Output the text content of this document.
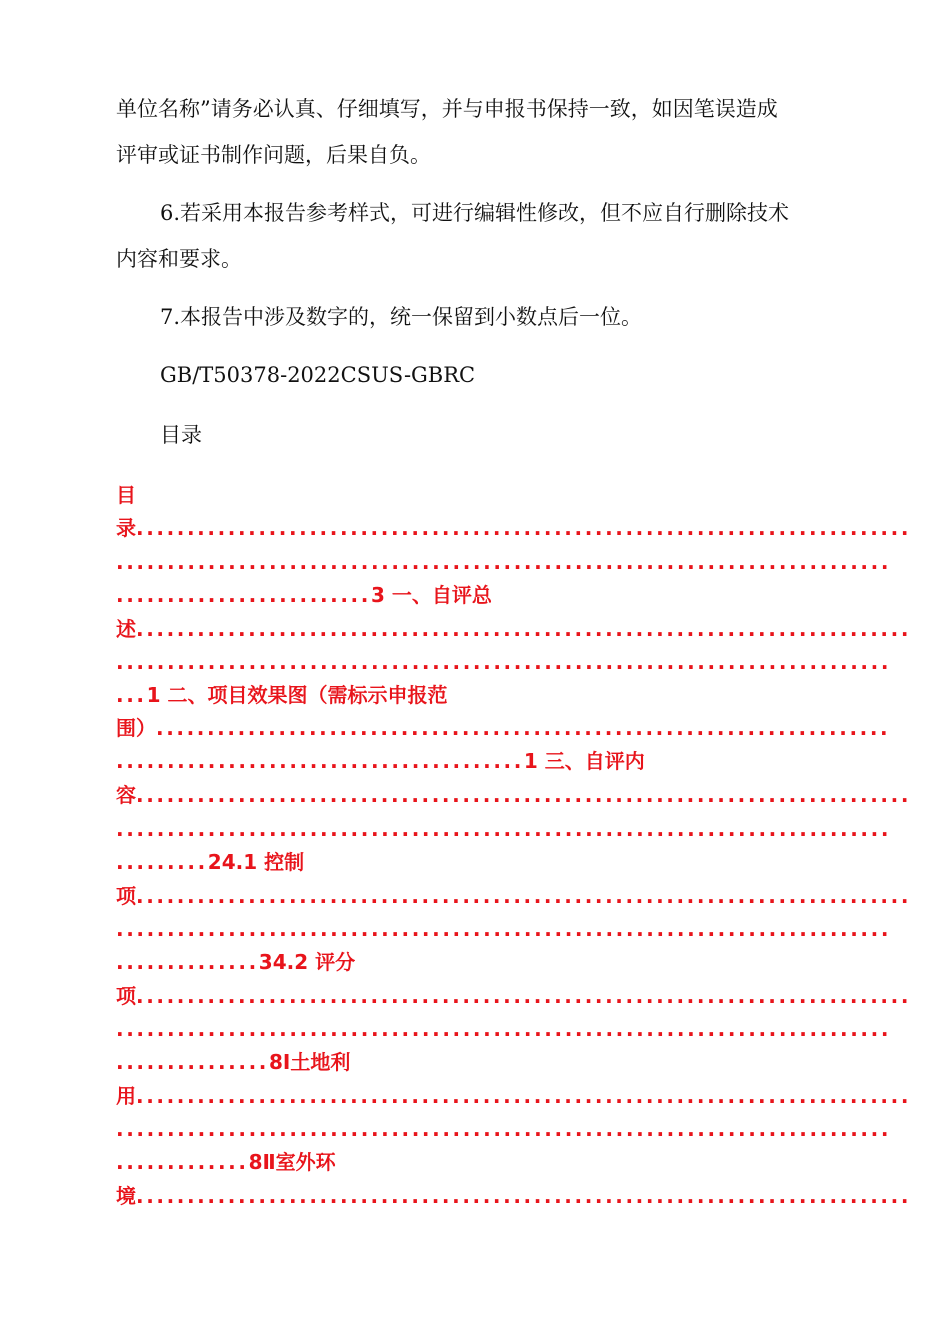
单位名称”请务必认真、仔细填写，并与申报书保持一致，如因笔误造成
评审或证书制作问题，后果自负。
6.若采用本报告参考样式，可进行编辑性修改，但不应自行删除技术
内容和要求。
7.本报告中涉及数字的，统一保留到小数点后一位。
GB/T50378-2022CSUS-GBRC
目录
目
录............................................................................
............................................................................
.........................3 一、自评总
述............................................................................
............................................................................
...1 二、项目效果图（需标示申报范
围）........................................................................
........................................1 三、自评内
容............................................................................
............................................................................
.........24.1 控制
项............................................................................
............................................................................
..............34.2 评分
项............................................................................
............................................................................
...............8Ⅰ土地利
用............................................................................
............................................................................
.............8Ⅱ室外环
境............................................................................
